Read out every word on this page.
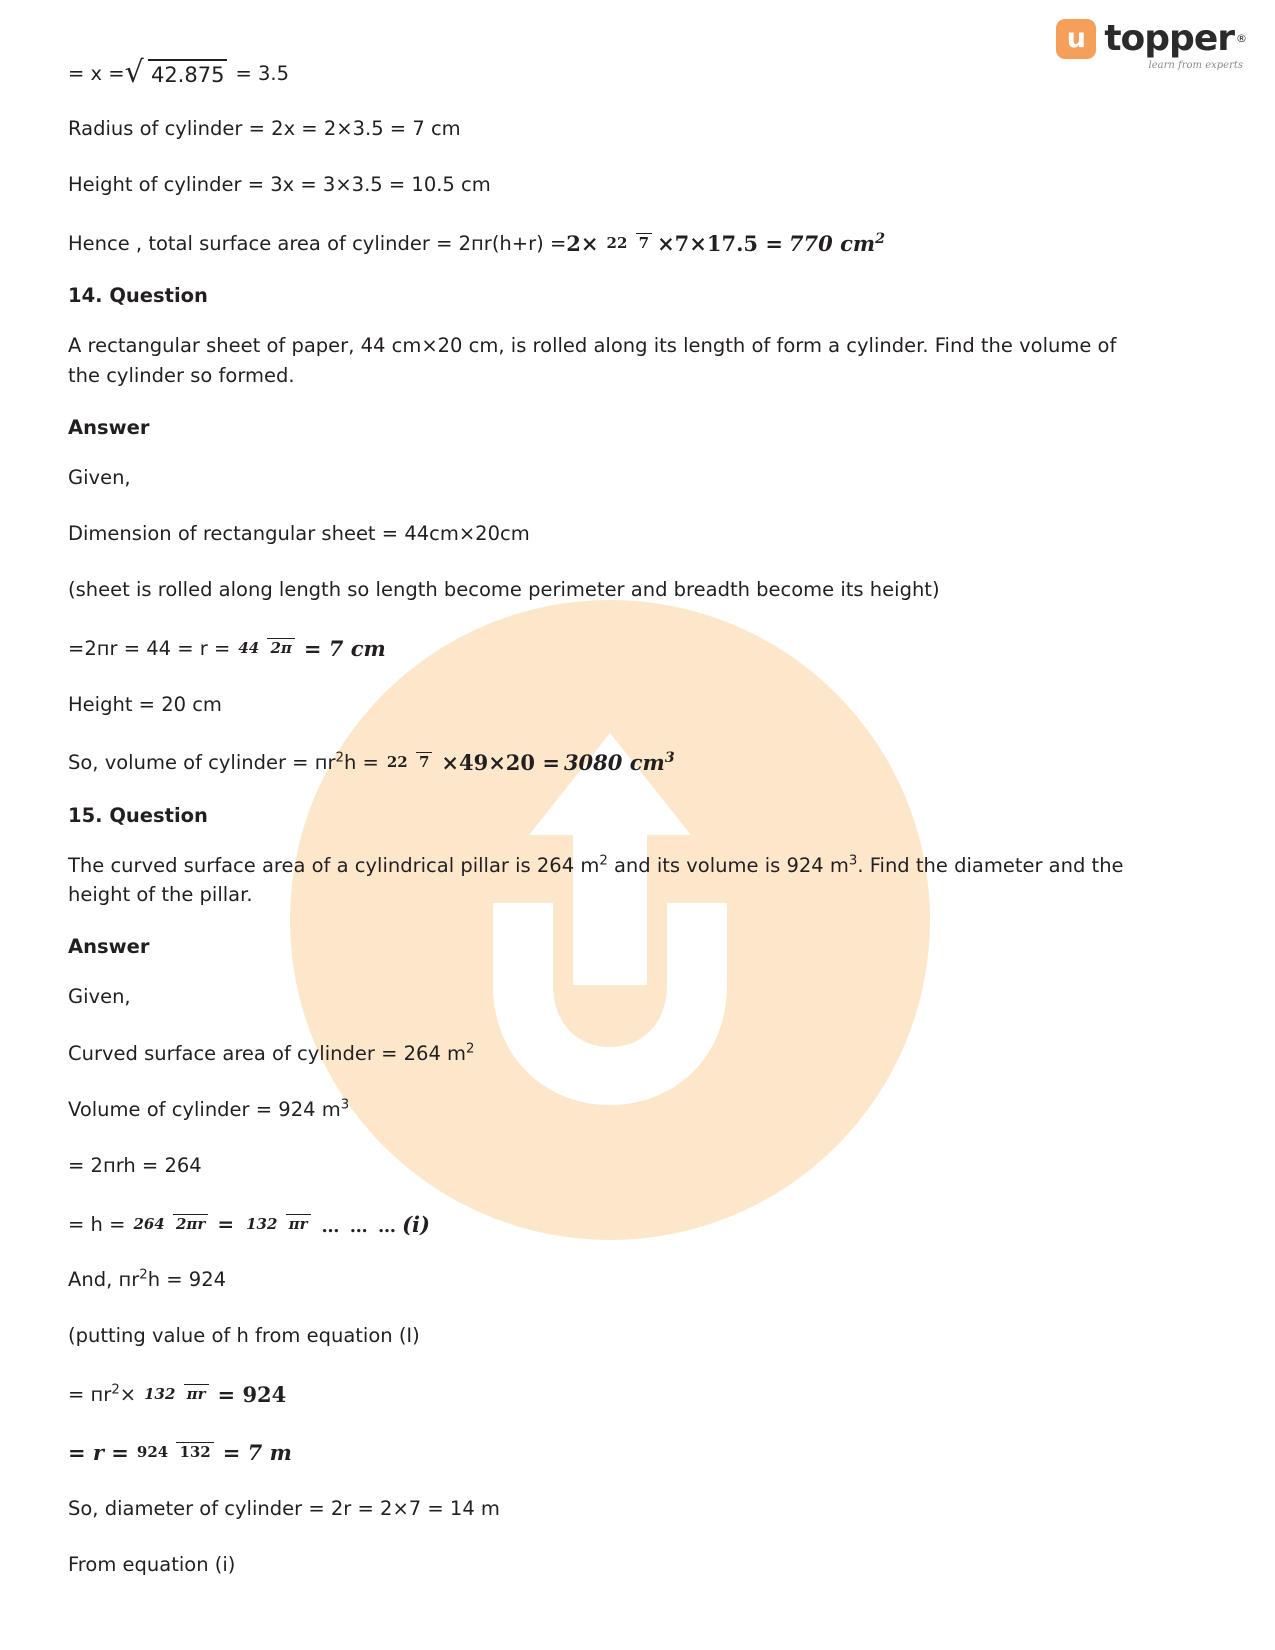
u topper ®
learn from experts
= x = √ 42.875 = 3.5
Radius of cylinder = 2x = 2×3.5 = 7 cm
Height of cylinder = 3x = 3×3.5 = 10.5 cm
Hence , total surface area of cylinder = 2пr(h+r) = 2× 22 7 ×7×17.5 = 770 $cm^2$
14. Question
A rectangular sheet of paper, 44 cm×20 cm, is rolled along its length of form a cylinder. Find the volume of the cylinder so formed.
Answer
Given,
Dimension of rectangular sheet = 44cm×20cm
(sheet is rolled along length so length become perimeter and breadth become its height)
=2пr = 44 = r = 44 2π = 7 cm
Height = 20 cm
So, volume of cylinder = $пr^2h = 22$ 7 ×49×20 = 3080 $cm^3$
15. Question
The curved surface area of a cylindrical pillar is 264 $m^2$ and its volume is 924 $m^3$. Find the diameter and the height of the pillar.
Answer
Given,
Curved surface area of cylinder = 264 $m^2$
Volume of cylinder = 924 $m^3$
= 2пrh = 264
= h = 264 2πr = 132 πr … … … (i)
And, $пr^2h = 924$
(putting value of h from equation (I)
= $пr^2\times 132$ πr = 924
= r = 924 132 = 7 m
So, diameter of cylinder = 2r = 2×7 = 14 m
From equation (i)
